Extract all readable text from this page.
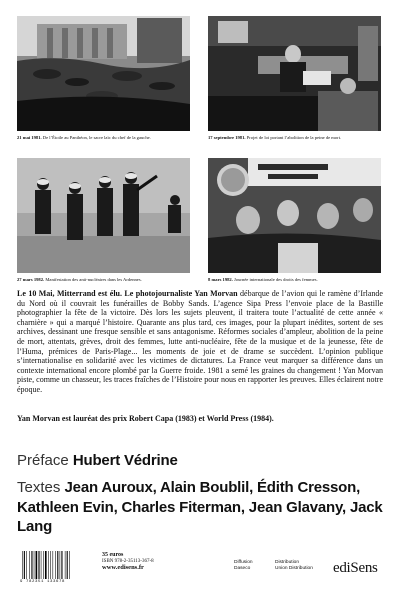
21 mai 1981. De l’Étoile au Panthéon, le sacre laïc du chef de la gauche.	17 septembre 1981. Projet de loi portant l’abolition de la peine de mort.
27 mars 1982. Manifestation des anti-nucléaires dans les Ardennes.	8 mars 1982. Journée internationale des droits des femmes.
Le 10 Mai, Mitterrand est élu. Le photojournaliste Yan Morvan débarque de l’avion qui le ramène d’Irlande du Nord où il couvrait les funérailles de Bobby Sands. L’agence Sipa Press l’envoie place de la Bastille photographier la fête de la victoire. Dès lors les sujets pleuvent, il traitera toute l’actualité de cette année « charnière » qui a marqué l’histoire. Quarante ans plus tard, ces images, pour la plupart inédites, sortent de ses archives, dessinant une fresque sensible et sans antagonisme. Réformes sociales d’ampleur, abolition de la peine de mort, attentats, grèves, droit des femmes, lutte anti-nucléaire, fête de la musique et de la jeunesse, fête de l’Huma, prémices de Paris-Plage... les moments de joie et de drame se succèdent. L’opinion publique s’internationalise en solidarité avec les victimes de dictatures. La France veut marquer sa différence dans un contexte international encore plombé par la Guerre froide. 1981 a semé les graines du changement ! Yan Morvan piste, comme un chasseur, les traces fraîches de l’Histoire pour nous en rapporter les preuves. Elles éclairent notre époque.
Yan Morvan est lauréat des prix Robert Capa (1983) et World Press (1984).
Préface Hubert Védrine
Textes Jean Auroux, Alain Boublil, Édith Cresson, Kathleen Evin, Charles Fiterman, Jean Glavany, Jack Lang
9 782351 133678
35 euros
ISBN 978-2-35113-367-8
www.edisens.fr
Diffusion
Daseco
Distribution
Union Distribution ediSens
